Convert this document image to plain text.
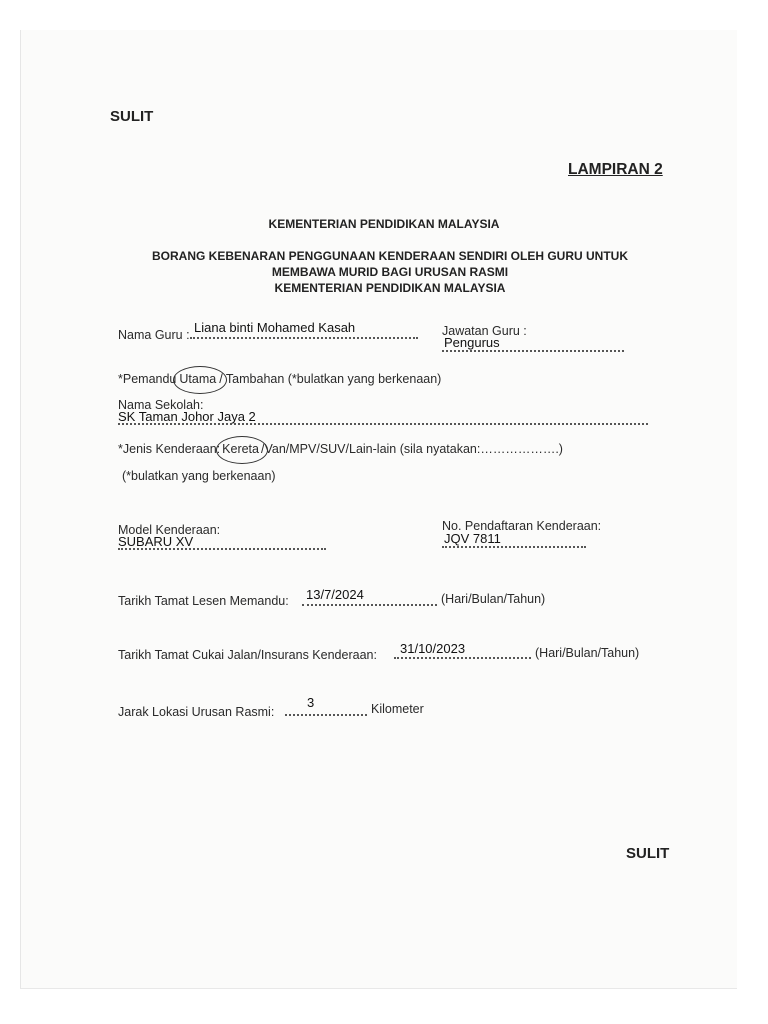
SULIT
LAMPIRAN 2
KEMENTERIAN PENDIDIKAN MALAYSIA
BORANG KEBENARAN PENGGUNAAN KENDERAAN SENDIRI OLEH GURU UNTUK
MEMBAWA MURID BAGI URUSAN RASMI
KEMENTERIAN PENDIDIKAN MALAYSIA
Nama Guru : Liana binti Mohamed Kasah	Jawatan Guru :
Pengurus
*Pemandu Utama / Tambahan (*bulatkan yang berkenaan)
Nama Sekolah:
SK Taman Johor Jaya 2
*Jenis Kenderaan: Kereta /Van/MPV/SUV/Lain-lain (sila nyatakan:……………….)
(*bulatkan yang berkenaan)
Model Kenderaan:
SUBARU XV
No. Pendaftaran Kenderaan:
JQV 7811
Tarikh Tamat Lesen Memandu: 13/7/2024	(Hari/Bulan/Tahun)
Tarikh Tamat Cukai Jalan/Insurans Kenderaan: 31/10/2023	(Hari/Bulan/Tahun)
Jarak Lokasi Urusan Rasmi:
3	Kilometer
SULIT
